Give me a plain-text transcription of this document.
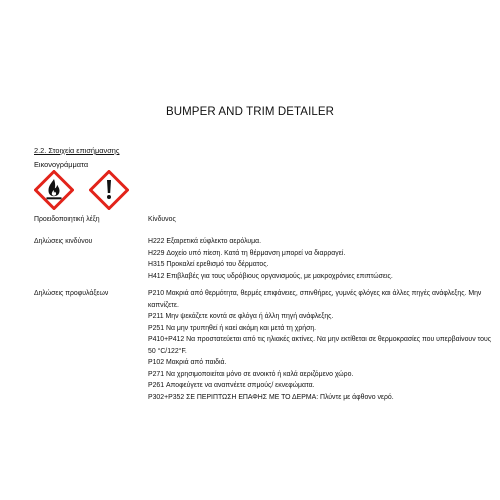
BUMPER AND TRIM DETAILER
2.2. Στοιχεία επισήμανσης
Εικονογράμματα
Προειδοποιητική λέξη	Κίνδυνος
Δηλώσεις κινδύνου	H222 Εξαιρετικά εύφλεκτο αερόλυμα.
H229 Δοχείο υπό πίεση. Κατά τη θέρμανση μπορεί να διαρραγεί.
H315 Προκαλεί ερεθισμό του δέρματος.
H412 Επιβλαβές για τους υδρόβιους οργανισμούς, με μακροχρόνιες επιπτώσεις.
Δηλώσεις προφυλάξεων	P210 Μακριά από θερμότητα, θερμές επιφάνειες, σπινθήρες, γυμνές φλόγες και άλλες πηγές ανάφλεξης. Μην καπνίζετε.
P211 Μην ψεκάζετε κοντά σε φλόγα ή άλλη πηγή ανάφλεξης.
P251 Να μην τρυπηθεί ή καεί ακόμη και μετά τη χρήση.
P410+P412 Να προστατεύεται από τις ηλιακές ακτίνες. Να μην εκτίθεται σε θερμοκρασίες που υπερβαίνουν τους 50 °C/122°F.
P102 Μακριά από παιδιά.
P271 Να χρησιμοποιείται μόνο σε ανοικτό ή καλά αεριζόμενο χώρο.
P261 Αποφεύγετε να αναπνέετε σπμούς/ εκνεφώματα.
P302+P352 ΣΕ ΠΕΡΙΠΤΩΣΗ ΕΠΑΦΗΣ ΜΕ ΤΟ ΔΕΡΜΑ: Πλύντε με άφθονο νερό.
